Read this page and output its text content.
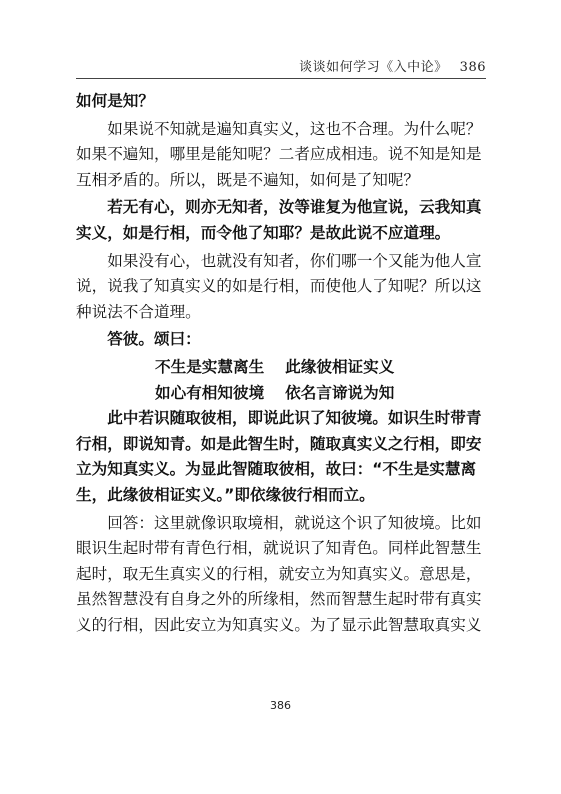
谈谈如何学习《入中论》 386

如何是知？

如果说不知就是遍知真实义，这也不合理。为什么呢？如果不遍知，哪里是能知呢？二者应成相违。说不知是知是互相矛盾的。所以，既是不遍知，如何是了知呢？

若无有心，则亦无知者，汝等谁复为他宣说，云我知真实义，如是行相，而令他了知耶？是故此说不应道理。

如果没有心，也就没有知者，你们哪一个又能为他人宣说，说我了知真实义的如是行相，而使他人了知呢？所以这种说法不合道理。

答彼。颂曰：

不生是实慧离生　 此缘彼相证实义

如心有相知彼境　 依名言谛说为知

此中若识随取彼相，即说此识了知彼境。如识生时带青行相，即说知青。如是此智生时，随取真实义之行相，即安立为知真实义。为显此智随取彼相，故曰：“不生是实慧离生，此缘彼相证实义。”即依缘彼行相而立。

回答：这里就像识取境相，就说这个识了知彼境。比如眼识生起时带有青色行相，就说识了知青色。同样此智慧生起时，取无生真实义的行相，就安立为知真实义。意思是，虽然智慧没有自身之外的所缘相，然而智慧生起时带有真实义的行相，因此安立为知真实义。为了显示此智慧取真实义

386
